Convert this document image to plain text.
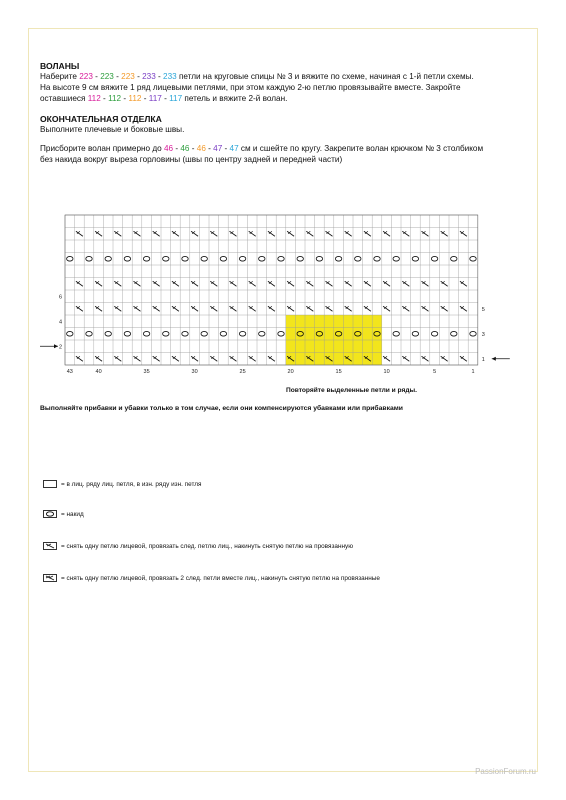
ВОЛАНЫ
Наберите 223 - 223 - 223 - 233 - 233 петли на круговые спицы № 3 и вяжите по схеме, начиная с 1-й петли схемы.
На высоте 9 см вяжите 1 ряд лицевыми петлями, при этом каждую 2-ю петлю провязывайте вместе. Закройте
оставшиеся 112 - 112 - 112 - 117 - 117 петель и вяжите 2-й волан.
ОКОНЧАТЕЛЬНАЯ ОТДЕЛКА
Выполните плечевые и боковые швы.
Присборите волан примерно до 46 - 46 - 46 - 47 - 47 см и сшейте по кругу. Закрепите волан крючком № 3 столбиком
без накида вокруг выреза горловины (швы по центру задней и передней части)
43	40	35	30	25	20	15	10	5	1
6
4
2
5
3
1
Повторяйте выделенные петли и ряды.
Выполняйте прибавки и убавки только в том случае, если они компенсируются убавками или прибавками
= в лиц. ряду лиц. петля, в изн. ряду изн. петля
= накид
= снять одну петлю лицевой, провязать след. петлю лиц., накинуть снятую петлю на провязанную
= снять одну петлю лицевой, провязать 2 след. петли вместе лиц., накинуть снятую петлю на провязанные
PassionForum.ru
